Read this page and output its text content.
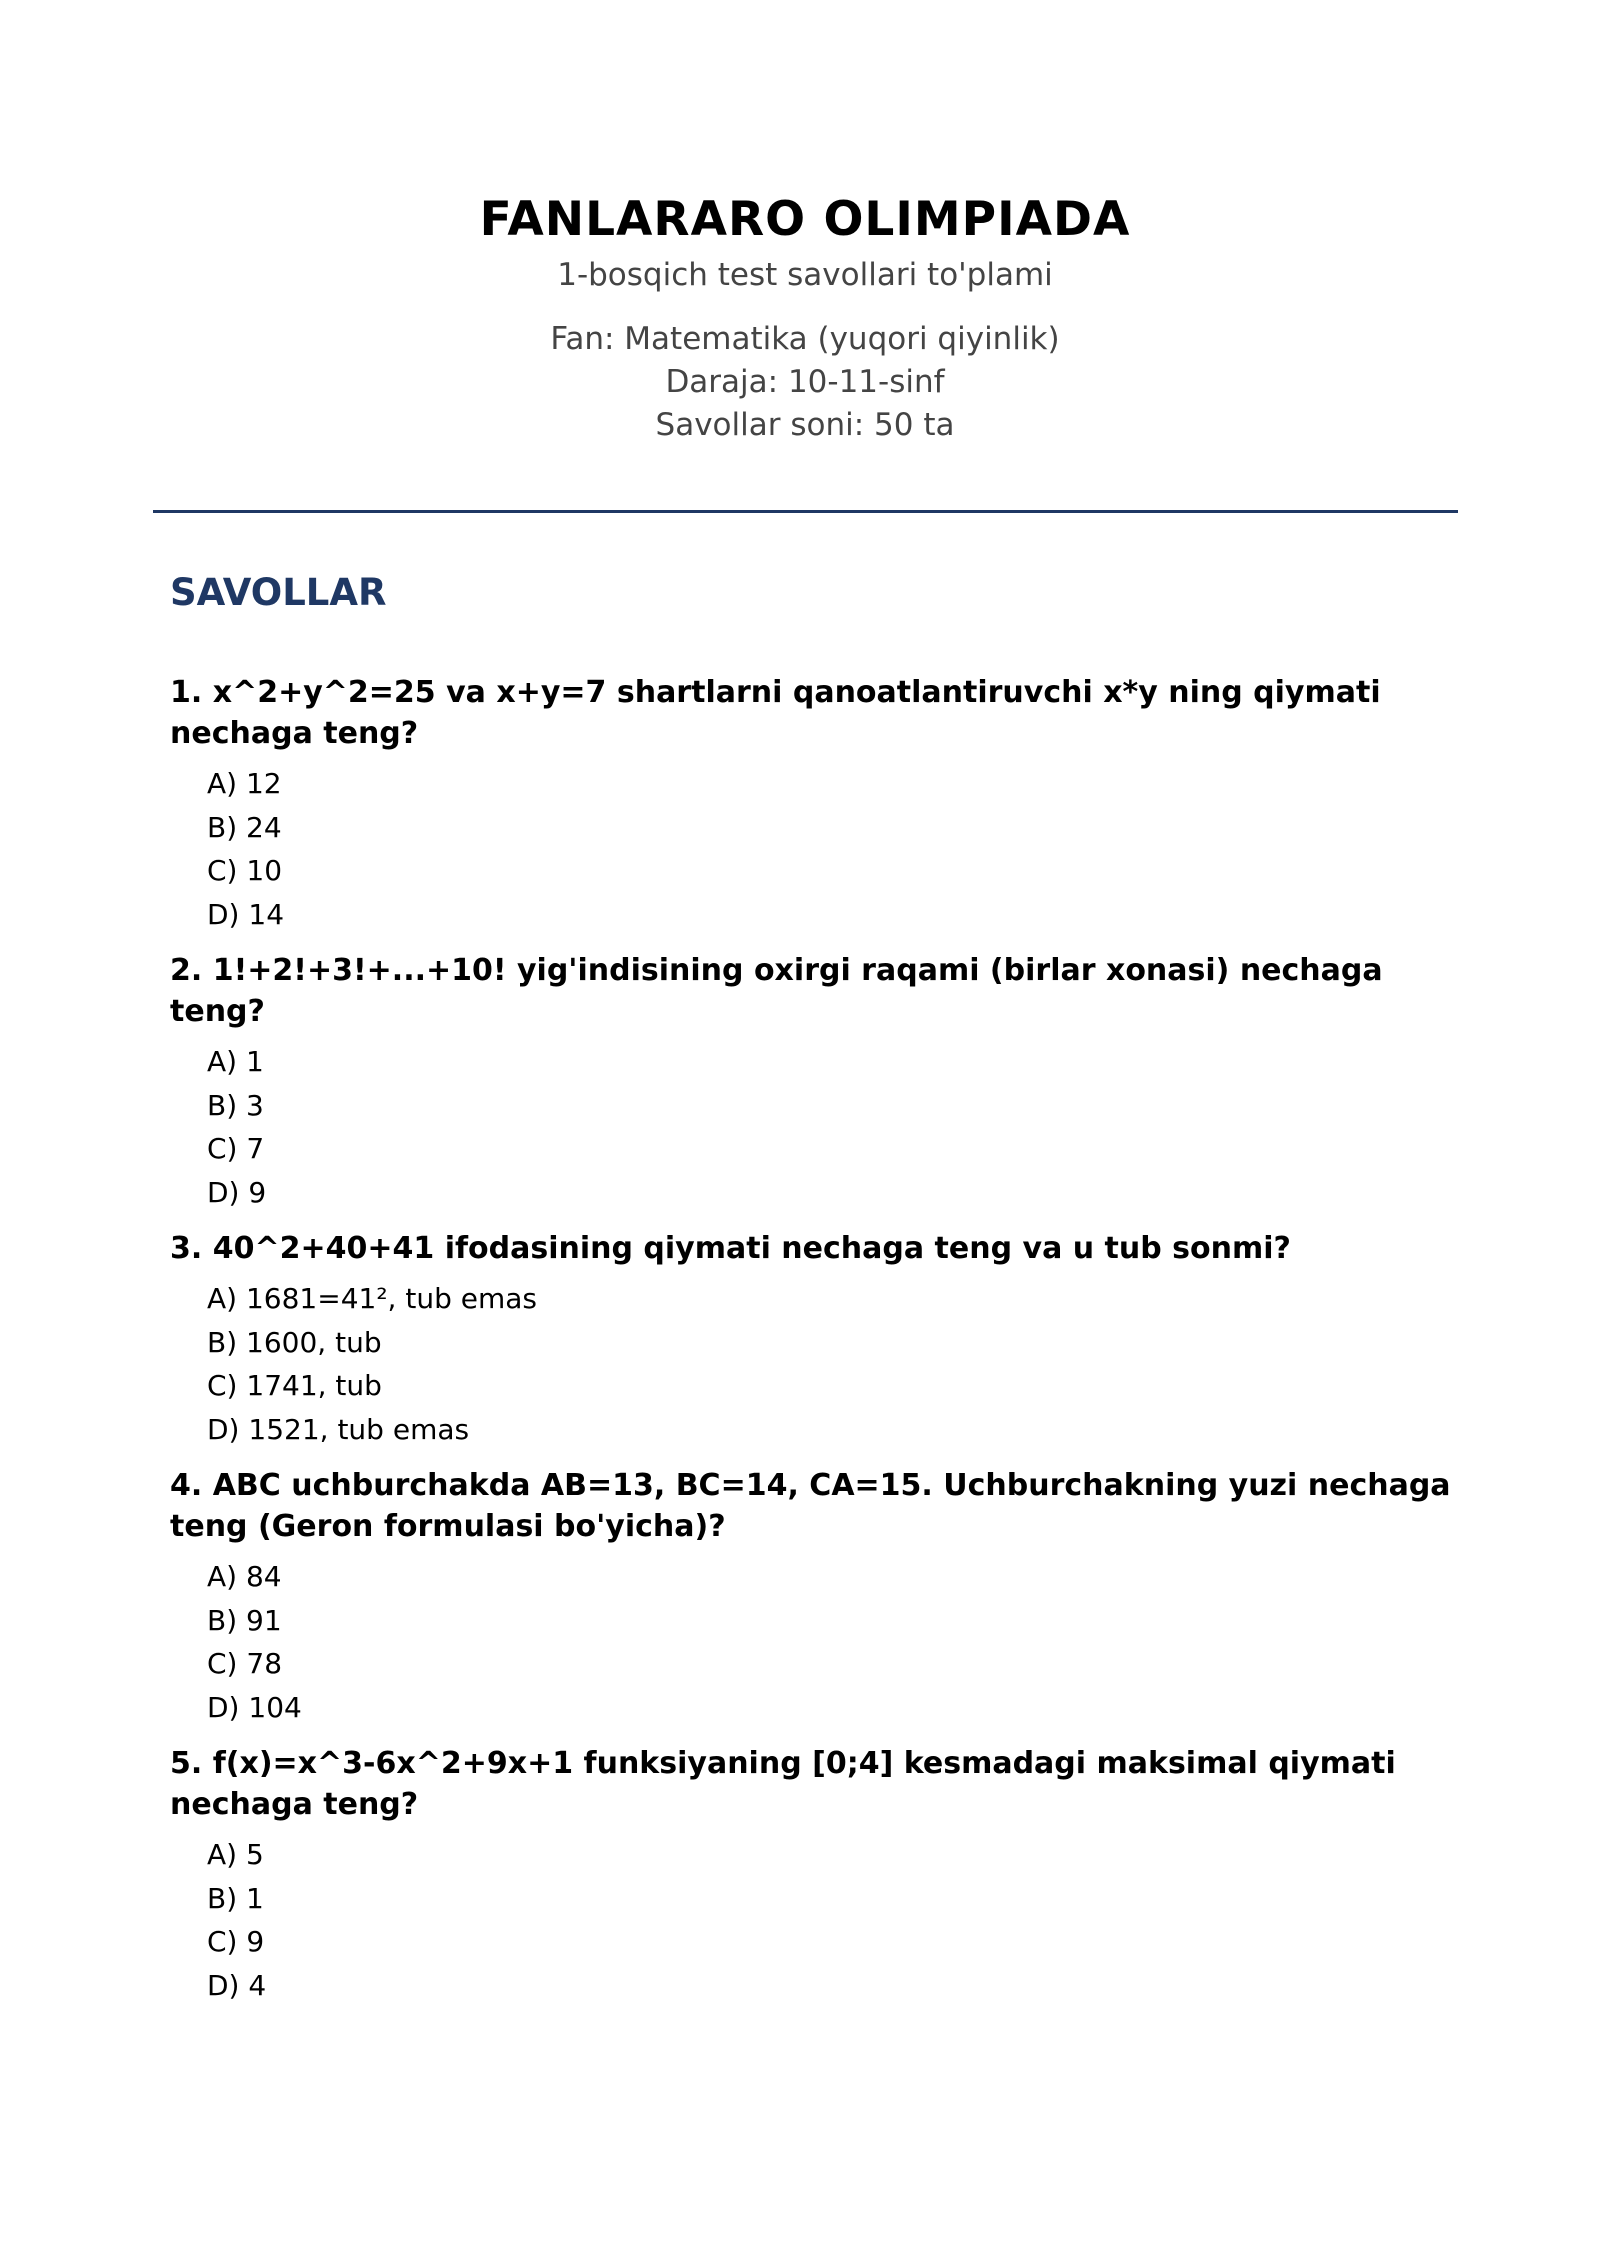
FANLARARO OLIMPIADA
1-bosqich test savollari to'plami
Fan: Matematika (yuqori qiyinlik)
Daraja: 10-11-sinf
Savollar soni: 50 ta
SAVOLLAR

1. x^2+y^2=25 va x+y=7 shartlarni qanoatlantiruvchi x*y ning qiymati nechaga teng?

A) 12
B) 24
C) 10
D) 14

2. 1!+2!+3!+...+10! yig'indisining oxirgi raqami (birlar xonasi) nechaga teng?

A) 1
B) 3
C) 7
D) 9

3. 40^2+40+41 ifodasining qiymati nechaga teng va u tub sonmi?

A) 1681=41², tub emas
B) 1600, tub
C) 1741, tub
D) 1521, tub emas

4. ABC uchburchakda AB=13, BC=14, CA=15. Uchburchakning yuzi nechaga teng (Geron formulasi bo'yicha)?

A) 84
B) 91
C) 78
D) 104

5. f(x)=x^3-6x^2+9x+1 funksiyaning [0;4] kesmadagi maksimal qiymati nechaga teng?

A) 5
B) 1
C) 9
D) 4
